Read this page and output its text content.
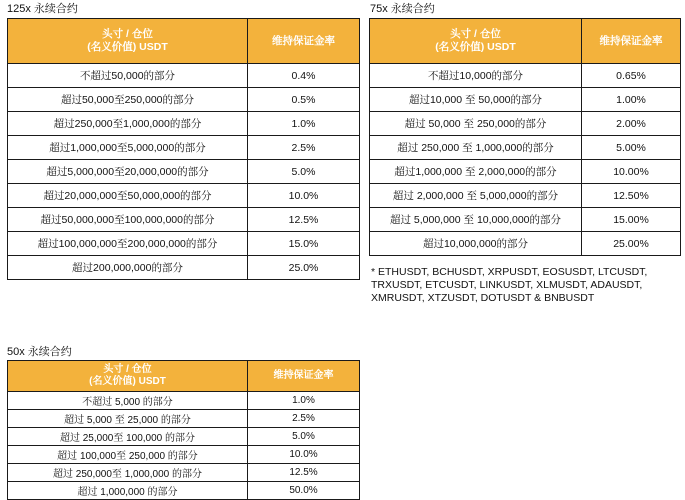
125x 永续合约
头寸 / 仓位
(名义价值) USDT	维持保证金率
不超过50,000的部分	0.4%
超过50,000至250,000的部分	0.5%
超过250,000至1,000,000的部分	1.0%
超过1,000,000至5,000,000的部分	2.5%
超过5,000,000至20,000,000的部分	5.0%
超过20,000,000至50,000,000的部分	10.0%
超过50,000,000至100,000,000的部分	12.5%
超过100,000,000至200,000,000的部分	15.0%
超过200,000,000的部分	25.0%
75x 永续合约
头寸 / 仓位
(名义价值) USDT	维持保证金率
不超过10,000的部分	0.65%
超过10,000 至 50,000的部分	1.00%
超过 50,000 至 250,000的部分	2.00%
超过 250,000 至 1,000,000的部分	5.00%
超过1,000,000 至 2,000,000的部分	10.00%
超过 2,000,000 至 5,000,000的部分	12.50%
超过 5,000,000 至 10,000,000的部分	15.00%
超过10,000,000的部分	25.00%
* ETHUSDT, BCHUSDT, XRPUSDT, EOSUSDT, LTCUSDT, TRXUSDT, ETCUSDT, LINKUSDT, XLMUSDT, ADAUSDT, XMRUSDT, XTZUSDT, DOTUSDT & BNBUSDT
50x 永续合约
头寸 / 仓位
(名义价值) USDT	维持保证金率
不超过 5,000 的部分	1.0%
超过 5,000 至 25,000 的部分	2.5%
超过 25,000至 100,000 的部分	5.0%
超过 100,000至 250,000 的部分	10.0%
超过 250,000至 1,000,000 的部分	12.5%
超过 1,000,000 的部分	50.0%
